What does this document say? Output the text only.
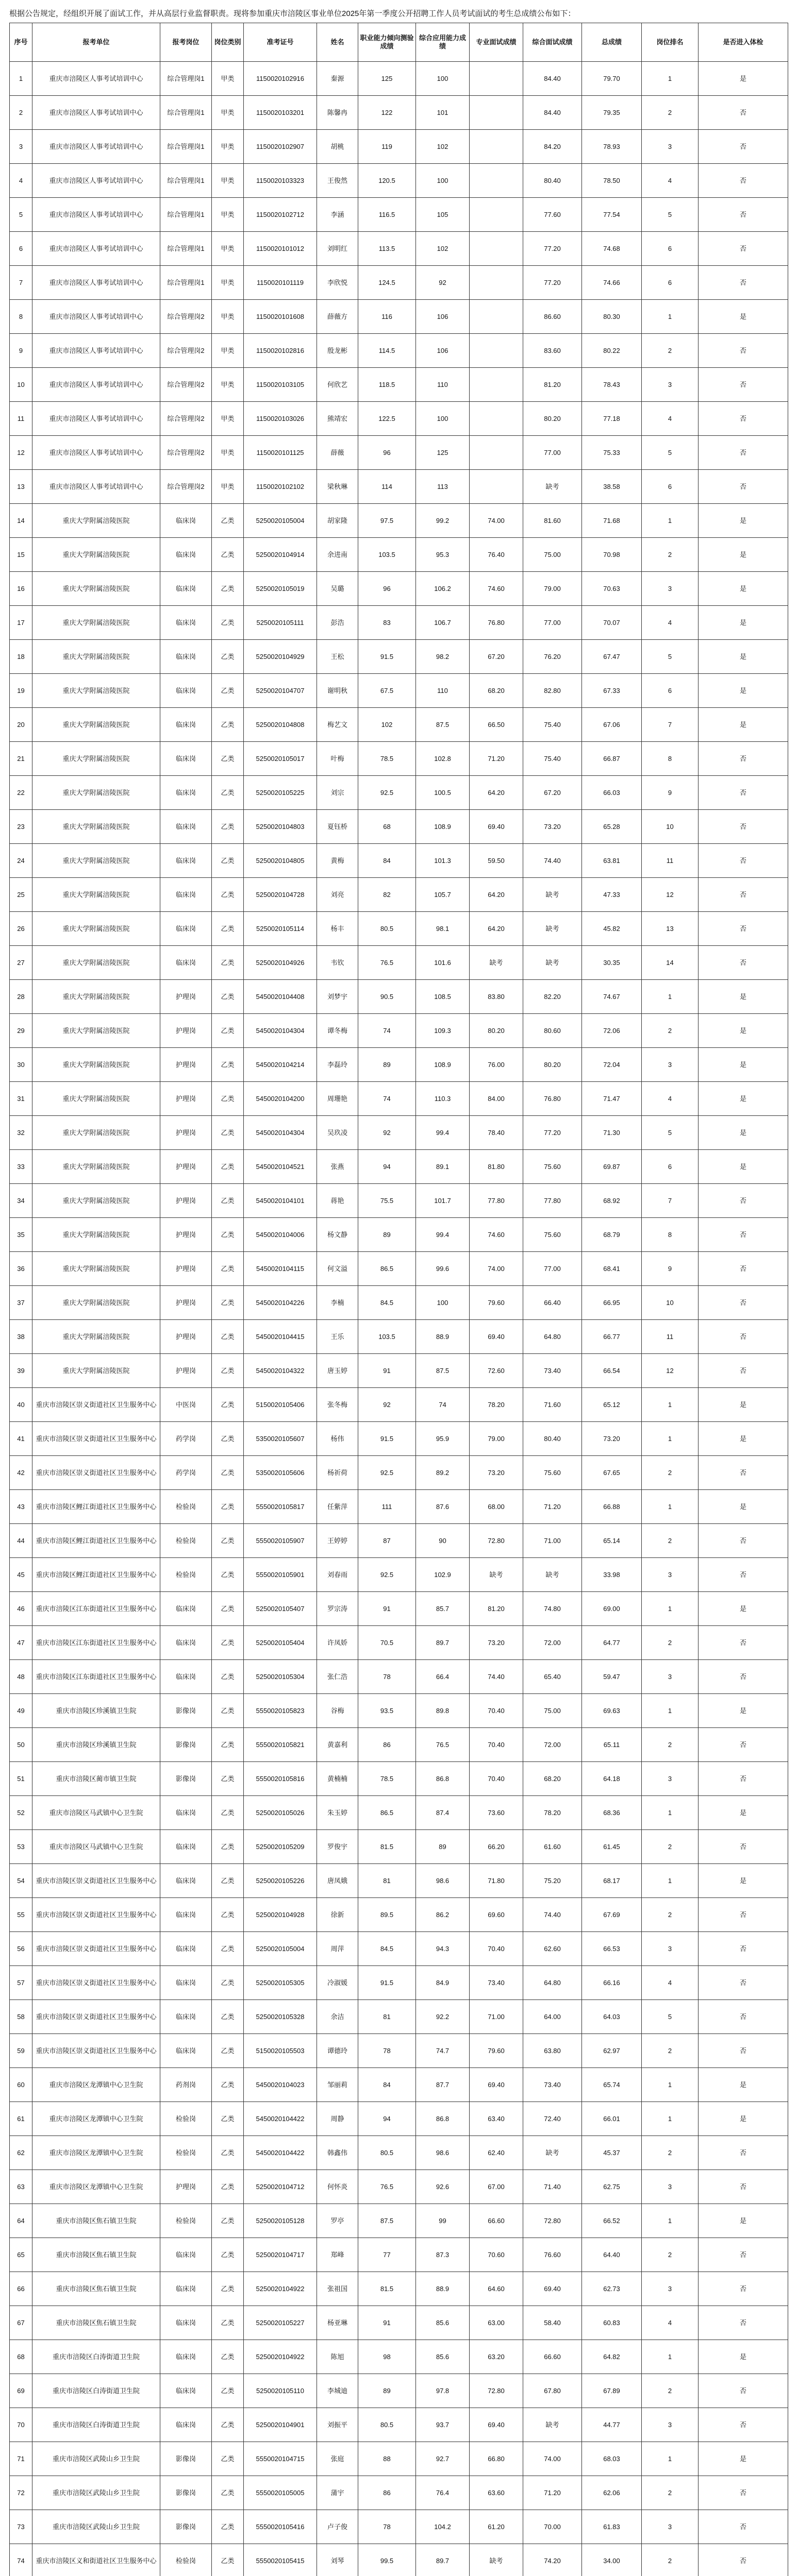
根据公告规定，经组织开展了面试工作，并从高层行业监督职责。现将参加重庆市涪陵区事业单位2025年第一季度公开招聘工作人员考试面试的考生总成绩公布如下：
序号	报考单位	报考岗位	岗位类别	准考证号	姓名	职业能力倾向测验成绩	综合应用能力成绩	专业面试成绩	综合面试成绩	总成绩	岗位排名	是否进入体检
1	重庆市涪陵区人事考试培训中心	综合管理岗1	甲类	1150020102916	秦源	125	100		84.40	79.70	1	是
2	重庆市涪陵区人事考试培训中心	综合管理岗1	甲类	1150020103201	陈馨冉	122	101		84.40	79.35	2	否
3	重庆市涪陵区人事考试培训中心	综合管理岗1	甲类	1150020102907	胡桃	119	102		84.20	78.93	3	否
4	重庆市涪陵区人事考试培训中心	综合管理岗1	甲类	1150020103323	王俊然	120.5	100		80.40	78.50	4	否
5	重庆市涪陵区人事考试培训中心	综合管理岗1	甲类	1150020102712	李涵	116.5	105		77.60	77.54	5	否
6	重庆市涪陵区人事考试培训中心	综合管理岗1	甲类	1150020101012	刘明红	113.5	102		77.20	74.68	6	否
7	重庆市涪陵区人事考试培训中心	综合管理岗1	甲类	1150020101119	李欣悦	124.5	92		77.20	74.66	6	否
8	重庆市涪陵区人事考试培训中心	综合管理岗2	甲类	1150020101608	薛薇方	116	106		86.60	80.30	1	是
9	重庆市涪陵区人事考试培训中心	综合管理岗2	甲类	1150020102816	殷龙彬	114.5	106		83.60	80.22	2	否
10	重庆市涪陵区人事考试培训中心	综合管理岗2	甲类	1150020103105	何欣艺	118.5	110		81.20	78.43	3	否
11	重庆市涪陵区人事考试培训中心	综合管理岗2	甲类	1150020103026	熊靖宏	122.5	100		80.20	77.18	4	否
12	重庆市涪陵区人事考试培训中心	综合管理岗2	甲类	1150020101125	薛薇	96	125		77.00	75.33	5	否
13	重庆市涪陵区人事考试培训中心	综合管理岗2	甲类	1150020102102	梁秋琳	114	113		缺考	38.58	6	否
14	重庆大学附属涪陵医院	临床岗	乙类	5250020105004	胡家隆	97.5	99.2	74.00	81.60	71.68	1	是
15	重庆大学附属涪陵医院	临床岗	乙类	5250020104914	余进南	103.5	95.3	76.40	75.00	70.98	2	是
16	重庆大学附属涪陵医院	临床岗	乙类	5250020105019	吴璐	96	106.2	74.60	79.00	70.63	3	是
17	重庆大学附属涪陵医院	临床岗	乙类	5250020105111	彭浩	83	106.7	76.80	77.00	70.07	4	是
18	重庆大学附属涪陵医院	临床岗	乙类	5250020104929	王松	91.5	98.2	67.20	76.20	67.47	5	是
19	重庆大学附属涪陵医院	临床岗	乙类	5250020104707	谢明秋	67.5	110	68.20	82.80	67.33	6	是
20	重庆大学附属涪陵医院	临床岗	乙类	5250020104808	梅艺文	102	87.5	66.50	75.40	67.06	7	是
21	重庆大学附属涪陵医院	临床岗	乙类	5250020105017	叶梅	78.5	102.8	71.20	75.40	66.87	8	否
22	重庆大学附属涪陵医院	临床岗	乙类	5250020105225	刘宗	92.5	100.5	64.20	67.20	66.03	9	否
23	重庆大学附属涪陵医院	临床岗	乙类	5250020104803	夏钰桥	68	108.9	69.40	73.20	65.28	10	否
24	重庆大学附属涪陵医院	临床岗	乙类	5250020104805	黄梅	84	101.3	59.50	74.40	63.81	11	否
25	重庆大学附属涪陵医院	临床岗	乙类	5250020104728	刘亮	82	105.7	64.20	缺考	47.33	12	否
26	重庆大学附属涪陵医院	临床岗	乙类	5250020105114	杨丰	80.5	98.1	64.20	缺考	45.82	13	否
27	重庆大学附属涪陵医院	临床岗	乙类	5250020104926	韦钦	76.5	101.6	缺考	缺考	30.35	14	否
28	重庆大学附属涪陵医院	护理岗	乙类	5450020104408	刘梦宇	90.5	108.5	83.80	82.20	74.67	1	是
29	重庆大学附属涪陵医院	护理岗	乙类	5450020104304	谭冬梅	74	109.3	80.20	80.60	72.06	2	是
30	重庆大学附属涪陵医院	护理岗	乙类	5450020104214	李磊玲	89	108.9	76.00	80.20	72.04	3	是
31	重庆大学附属涪陵医院	护理岗	乙类	5450020104200	周珊艳	74	110.3	84.00	76.80	71.47	4	是
32	重庆大学附属涪陵医院	护理岗	乙类	5450020104304	吴玖凌	92	99.4	78.40	77.20	71.30	5	是
33	重庆大学附属涪陵医院	护理岗	乙类	5450020104521	张燕	94	89.1	81.80	75.60	69.87	6	是
34	重庆大学附属涪陵医院	护理岗	乙类	5450020104101	蒋艳	75.5	101.7	77.80	77.80	68.92	7	否
35	重庆大学附属涪陵医院	护理岗	乙类	5450020104006	杨文静	89	99.4	74.60	75.60	68.79	8	否
36	重庆大学附属涪陵医院	护理岗	乙类	5450020104115	何文溢	86.5	99.6	74.00	77.00	68.41	9	否
37	重庆大学附属涪陵医院	护理岗	乙类	5450020104226	李楠	84.5	100	79.60	66.40	66.95	10	否
38	重庆大学附属涪陵医院	护理岗	乙类	5450020104415	王乐	103.5	88.9	69.40	64.80	66.77	11	否
39	重庆大学附属涪陵医院	护理岗	乙类	5450020104322	唐玉婷	91	87.5	72.60	73.40	66.54	12	否
40	重庆市涪陵区崇义街道社区卫生服务中心	中医岗	乙类	5150020105406	张冬梅	92	74	78.20	71.60	65.12	1	是
41	重庆市涪陵区崇义街道社区卫生服务中心	药学岗	乙类	5350020105607	杨伟	91.5	95.9	79.00	80.40	73.20	1	是
42	重庆市涪陵区崇义街道社区卫生服务中心	药学岗	乙类	5350020105606	杨祈荷	92.5	89.2	73.20	75.60	67.65	2	否
43	重庆市涪陵区鲤江街道社区卫生服务中心	检验岗	乙类	5550020105817	任紫萍	111	87.6	68.00	71.20	66.88	1	是
44	重庆市涪陵区鲤江街道社区卫生服务中心	检验岗	乙类	5550020105907	王婷婷	87	90	72.80	71.00	65.14	2	否
45	重庆市涪陵区鲤江街道社区卫生服务中心	检验岗	乙类	5550020105901	刘春雨	92.5	102.9	缺考	缺考	33.98	3	否
46	重庆市涪陵区江东街道社区卫生服务中心	临床岗	乙类	5250020105407	罗宗涛	91	85.7	81.20	74.80	69.00	1	是
47	重庆市涪陵区江东街道社区卫生服务中心	临床岗	乙类	5250020105404	许凤娇	70.5	89.7	73.20	72.00	64.77	2	否
48	重庆市涪陵区江东街道社区卫生服务中心	临床岗	乙类	5250020105304	张仁浩	78	66.4	74.40	65.40	59.47	3	否
49	重庆市涪陵区珍溪镇卫生院	影像岗	乙类	5550020105823	谷梅	93.5	89.8	70.40	75.00	69.63	1	是
50	重庆市涪陵区珍溪镇卫生院	影像岗	乙类	5550020105821	黄嘉利	86	76.5	70.40	72.00	65.11	2	否
51	重庆市涪陵区蔺市镇卫生院	影像岗	乙类	5550020105816	黄楠楠	78.5	86.8	70.40	68.20	64.18	3	否
52	重庆市涪陵区马武镇中心卫生院	临床岗	乙类	5250020105026	朱玉婷	86.5	87.4	73.60	78.20	68.36	1	是
53	重庆市涪陵区马武镇中心卫生院	临床岗	乙类	5250020105209	罗俊宇	81.5	89	66.20	61.60	61.45	2	否
54	重庆市涪陵区崇义街道社区卫生服务中心	临床岗	乙类	5250020105226	唐凤娥	81	98.6	71.80	75.20	68.17	1	是
55	重庆市涪陵区崇义街道社区卫生服务中心	临床岗	乙类	5250020104928	徐新	89.5	86.2	69.60	74.40	67.69	2	否
56	重庆市涪陵区崇义街道社区卫生服务中心	临床岗	乙类	5250020105004	周萍	84.5	94.3	70.40	62.60	66.53	3	否
57	重庆市涪陵区崇义街道社区卫生服务中心	临床岗	乙类	5250020105305	冷淑媛	91.5	84.9	73.40	64.80	66.16	4	否
58	重庆市涪陵区崇义街道社区卫生服务中心	临床岗	乙类	5250020105328	余洁	81	92.2	71.00	64.00	64.03	5	否
59	重庆市涪陵区崇义街道社区卫生服务中心	临床岗	乙类	5150020105503	谭德玲	78	74.7	79.60	63.80	62.97	2	否
60	重庆市涪陵区龙潭镇中心卫生院	药剂岗	乙类	5450020104023	邹丽莉	84	87.7	69.40	73.40	65.74	1	是
61	重庆市涪陵区龙潭镇中心卫生院	检验岗	乙类	5450020104422	周静	94	86.8	63.40	72.40	66.01	1	是
62	重庆市涪陵区龙潭镇中心卫生院	检验岗	乙类	5450020104422	韩鑫伟	80.5	98.6	62.40	缺考	45.37	2	否
63	重庆市涪陵区龙潭镇中心卫生院	护理岗	乙类	5250020104712	何怀炎	76.5	92.6	67.00	71.40	62.75	3	否
64	重庆市涪陵区焦石镇卫生院	检验岗	乙类	5250020105128	罗亭	87.5	99	66.60	72.80	66.52	1	是
65	重庆市涪陵区焦石镇卫生院	临床岗	乙类	5250020104717	郑峰	77	87.3	70.60	76.60	64.40	2	否
66	重庆市涪陵区焦石镇卫生院	临床岗	乙类	5250020104922	张祖国	81.5	88.9	64.60	69.40	62.73	3	否
67	重庆市涪陵区焦石镇卫生院	临床岗	乙类	5250020105227	杨亚琳	91	85.6	63.00	58.40	60.83	4	否
68	重庆市涪陵区白涛街道卫生院	临床岗	乙类	5250020104922	陈旭	98	85.6	63.20	66.60	64.82	1	是
69	重庆市涪陵区白涛街道卫生院	临床岗	乙类	5250020105110	李城迪	89	97.8	72.80	67.80	67.89	2	否
70	重庆市涪陵区白涛街道卫生院	临床岗	乙类	5250020104901	刘振平	80.5	93.7	69.40	缺考	44.77	3	否
71	重庆市涪陵区武陵山乡卫生院	影像岗	乙类	5550020104715	张庭	88	92.7	66.80	74.00	68.03	1	是
72	重庆市涪陵区武陵山乡卫生院	影像岗	乙类	5550020105005	蒲宇	86	76.4	63.60	71.20	62.06	2	否
73	重庆市涪陵区武陵山乡卫生院	影像岗	乙类	5550020105416	卢子俊	78	104.2	61.20	70.00	61.83	3	否
74	重庆市涪陵区义和街道社区卫生服务中心	检验岗	乙类	5550020105415	刘琴	99.5	89.7	缺考	74.20	34.00	2	否
